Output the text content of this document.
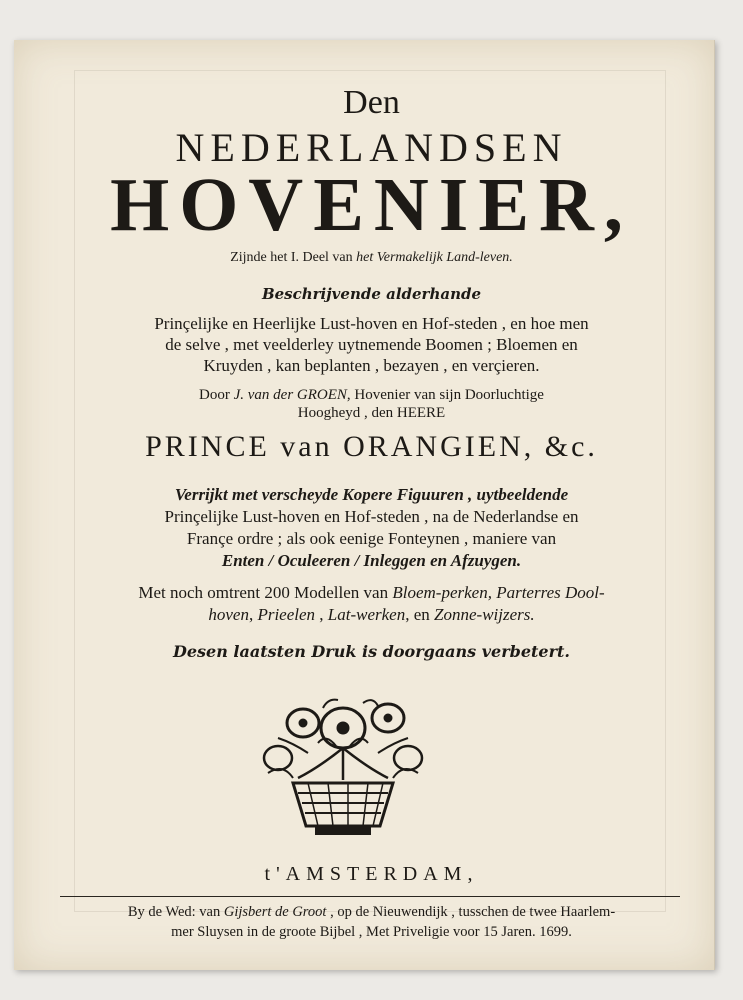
Den
NEDERLANDSEN
HOVENIER,
Zijnde het I. Deel van het Vermakelijk Land-leven.
Beschrijvende alderhande
Prinçelijke en Heerlijke Lust-hoven en Hof-steden , en hoe men
de selve , met veelderley uytnemende Boomen ; Bloemen en
Kruyden , kan beplanten , bezayen , en verçieren.
Door J. van der GROEN, Hovenier van sijn Doorluchtige
Hoogheyd , den HEERE
PRINCE van ORANGIEN, &c.
Verrijkt met verscheyde Kopere Figuuren , uytbeeldende
Prinçelijke Lust-hoven en Hof-steden , na de Nederlandse en
Françe ordre ; als ook eenige Fonteynen , maniere van
Enten / Oculeeren / Inleggen en Afzuygen.
Met noch omtrent 200 Modellen van Bloem-perken, Parterres Dool-
hoven, Prieelen , Lat-werken, en Zonne-wijzers.
Desen laatsten Druk is doorgaans verbetert.
t'AMSTERDAM,
By de Wed: van Gijsbert de Groot , op de Nieuwendijk , tusschen de twee Haarlem-
mer Sluysen in de groote Bijbel , Met Priveligie voor 15 Jaren. 1699.
